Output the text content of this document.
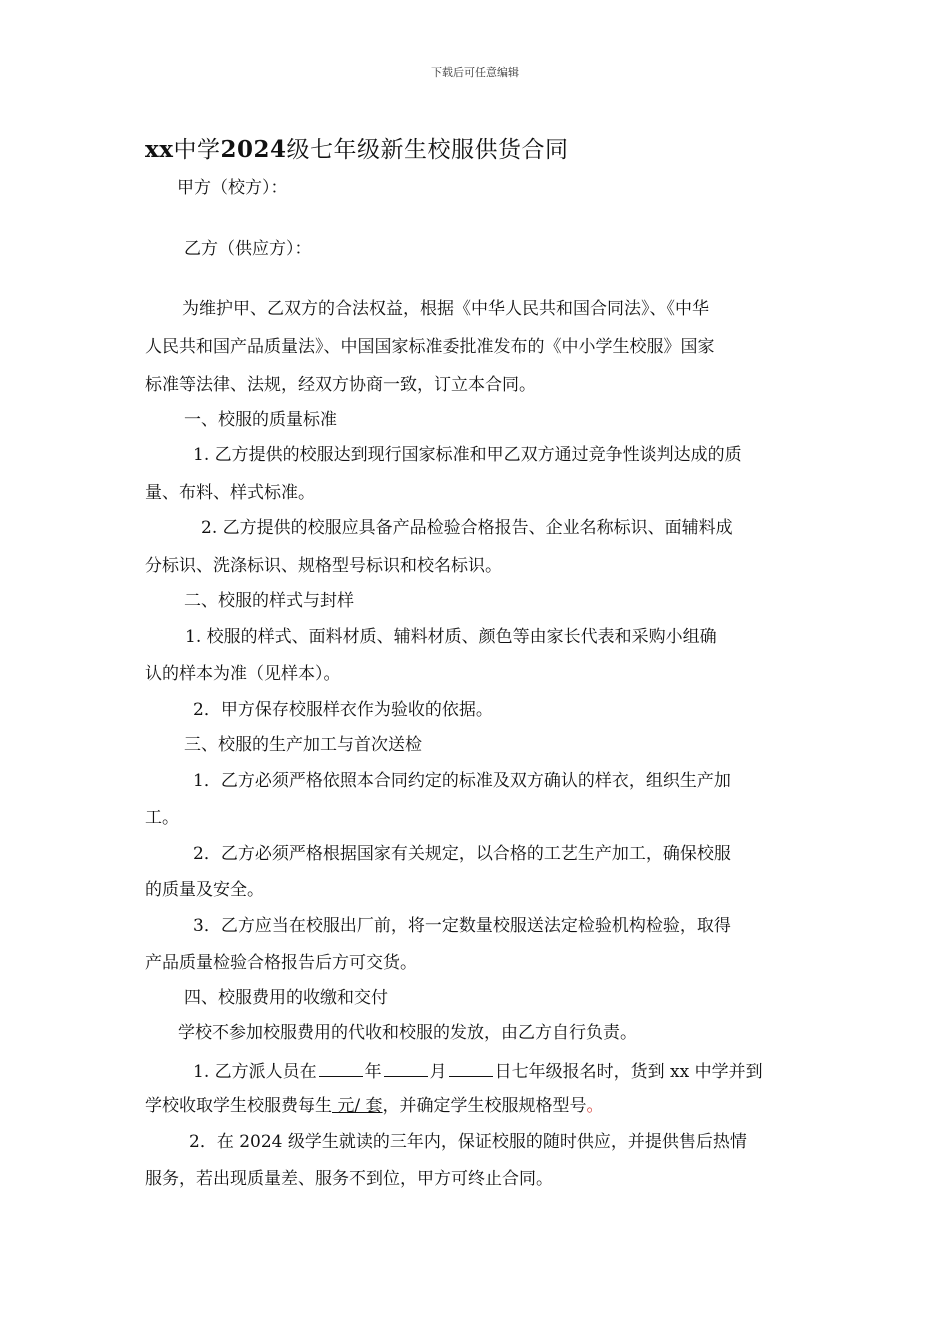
下载后可任意编辑
xx中学2024级七年级新生校服供货合同
甲方（校方）：
乙方（供应方）：
为维护甲、乙双方的合法权益，根据《中华人民共和国合同法》、《中华
人民共和国产品质量法》、中国国家标准委批准发布的《中小学生校服》国家
标准等法律、法规，经双方协商一致，订立本合同。
一、校服的质量标准
1. 乙方提供的校服达到现行国家标准和甲乙双方通过竞争性谈判达成的质
量、布料、样式标准。
2. 乙方提供的校服应具备产品检验合格报告、企业名称标识、面辅料成
分标识、洗涤标识、规格型号标识和校名标识。
二、校服的样式与封样
1. 校服的样式、面料材质、辅料材质、颜色等由家长代表和采购小组确
认的样本为准（见样本）。
2．甲方保存校服样衣作为验收的依据。
三、校服的生产加工与首次送检
1．乙方必须严格依照本合同约定的标准及双方确认的样衣，组织生产加
工。
2．乙方必须严格根据国家有关规定，以合格的工艺生产加工，确保校服
的质量及安全。
3．乙方应当在校服出厂前，将一定数量校服送法定检验机构检验，取得
产品质量检验合格报告后方可交货。
四、校服费用的收缴和交付
学校不参加校服费用的代收和校服的发放，由乙方自行负责。
1. 乙方派人员在	年	月	日七年级报名时，货到 xx 中学并到
学校收取学生校服费每生 元/ 套，并确定学生校服规格型号。
2．在 2024 级学生就读的三年内，保证校服的随时供应，并提供售后热情
服务，若出现质量差、服务不到位，甲方可终止合同。
